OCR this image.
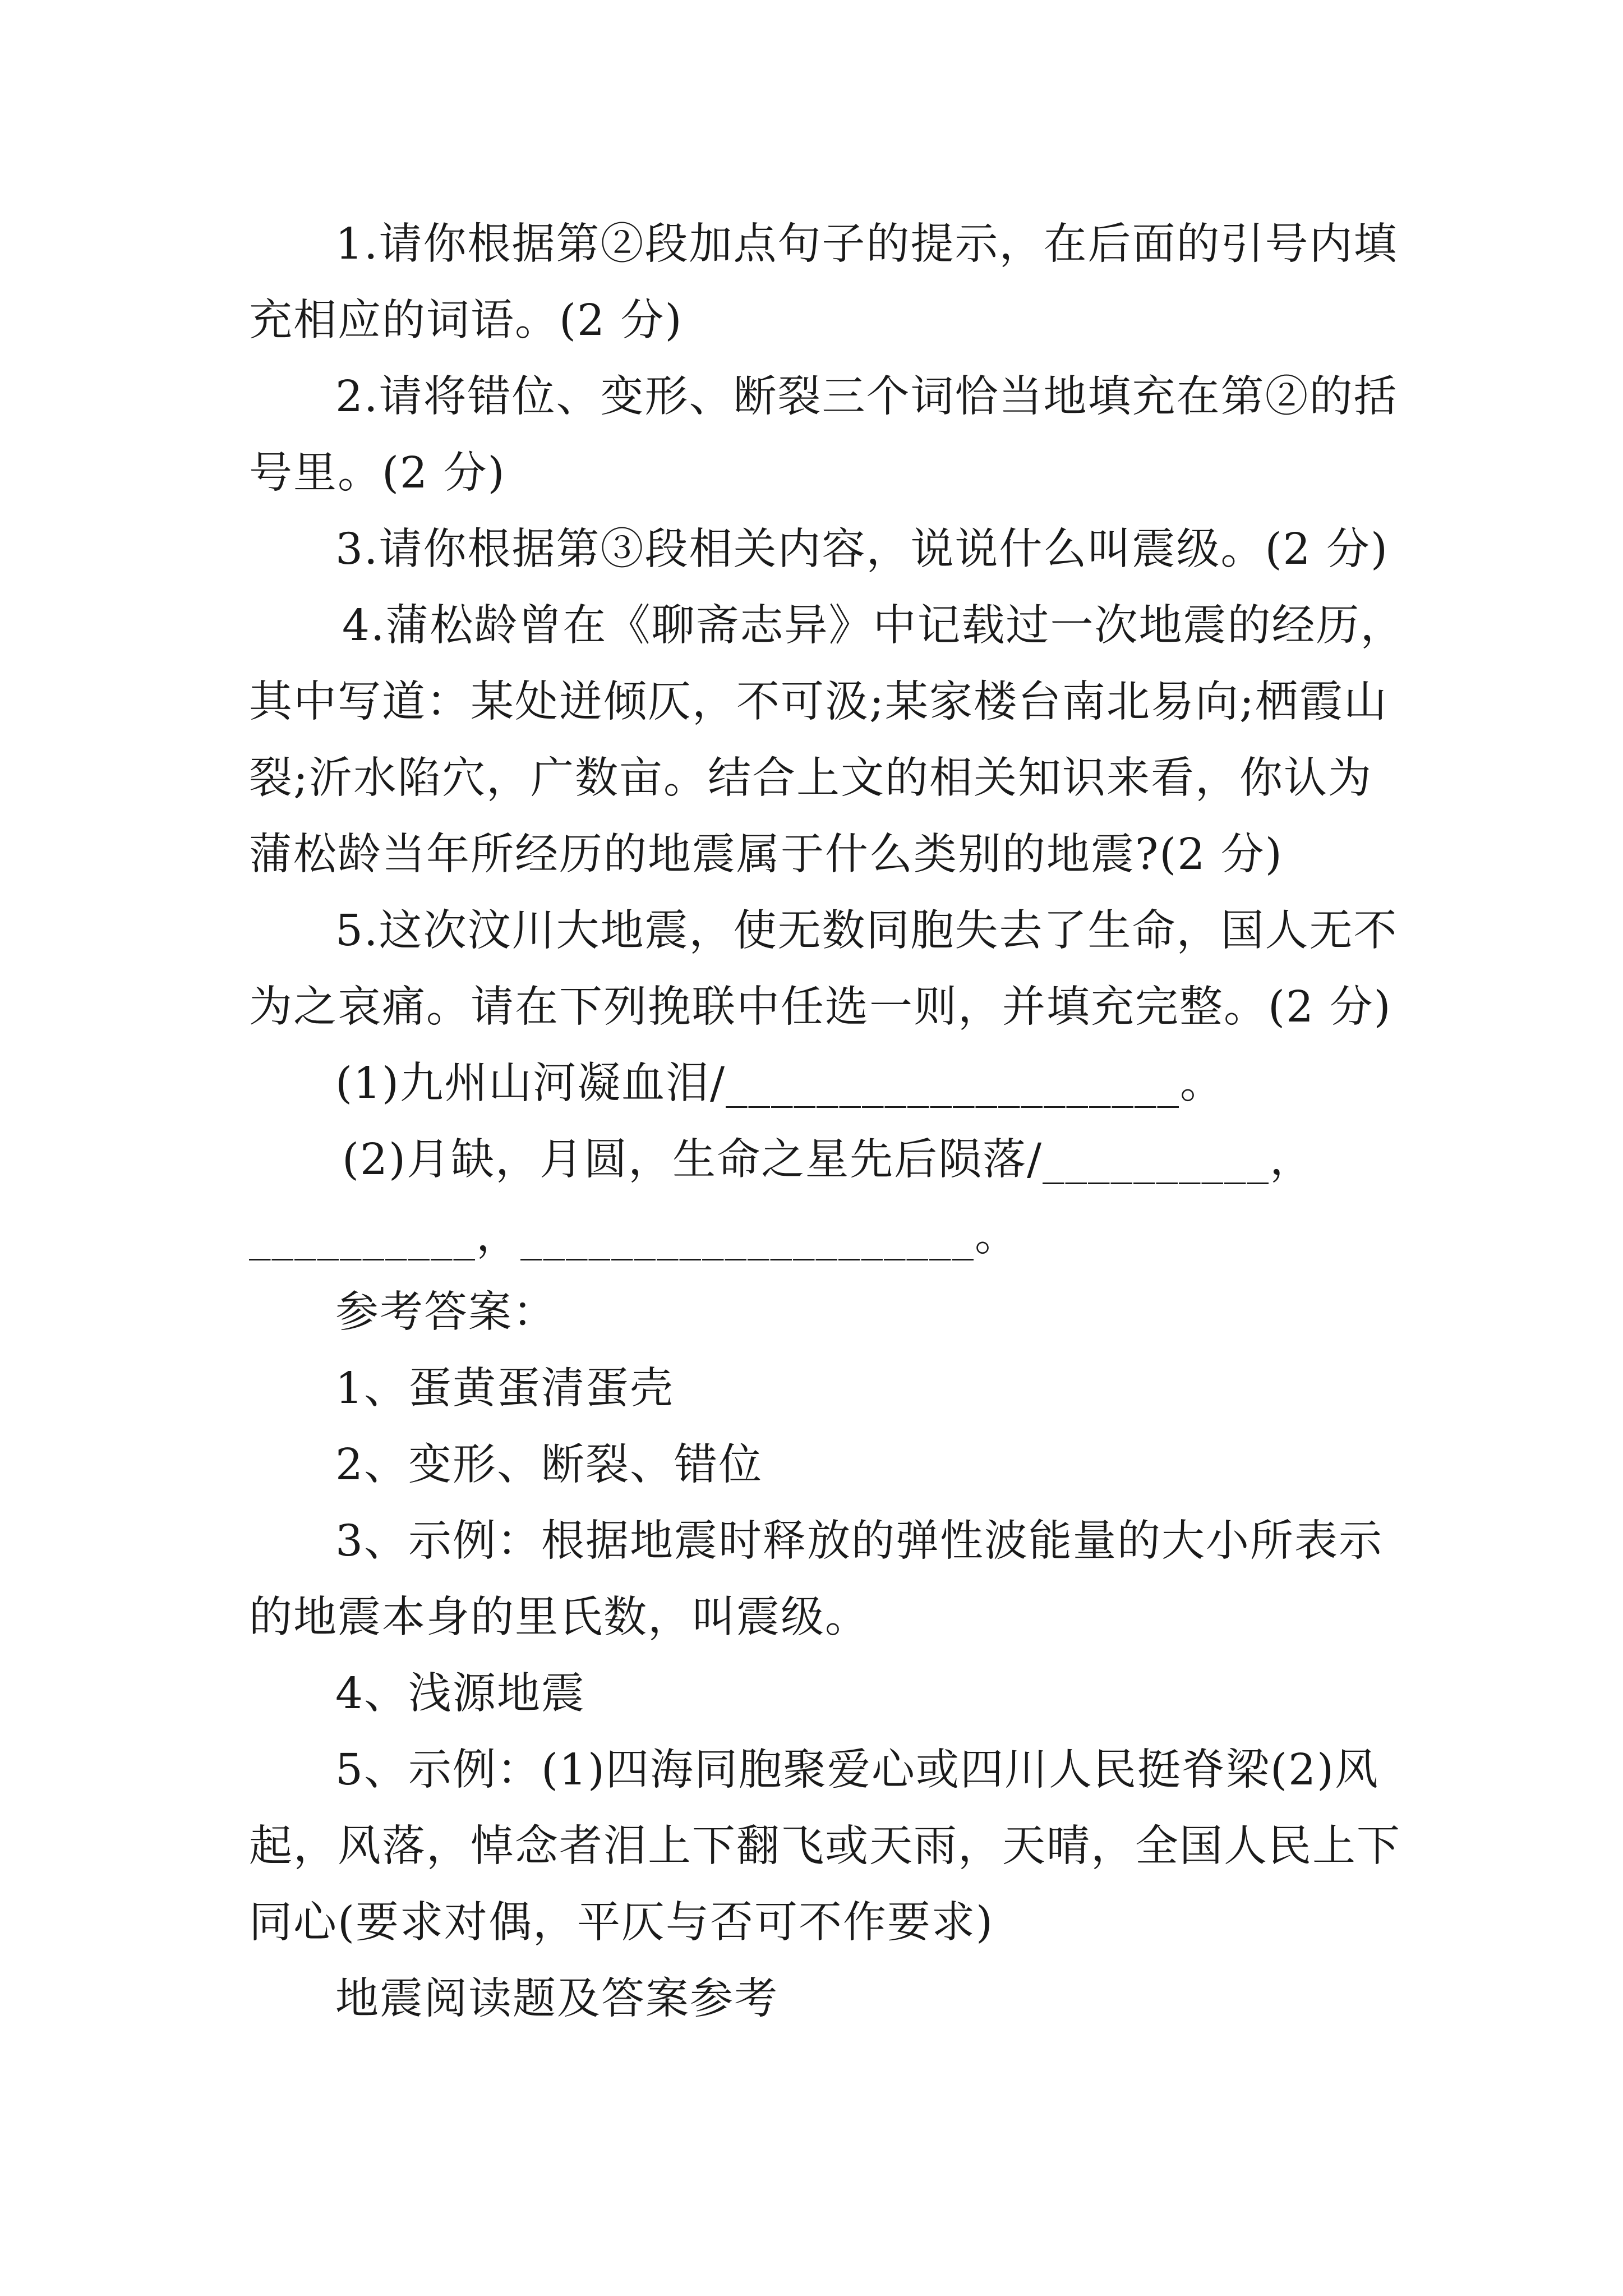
1.请你根据第②段加点句子的提示，在后面的引号内填
充相应的词语。(2 分)

2.请将错位、变形、断裂三个词恰当地填充在第②的括
号里。(2 分)

3.请你根据第③段相关内容，说说什么叫震级。(2 分)

4.蒲松龄曾在《聊斋志异》中记载过一次地震的经历，
其中写道：某处迸倾仄，不可汲;某家楼台南北易向;栖霞山
裂;沂水陷穴，广数亩。结合上文的相关知识来看，你认为
蒲松龄当年所经历的地震属于什么类别的地震?(2 分)

5.这次汶川大地震，使无数同胞失去了生命，国人无不
为之哀痛。请在下列挽联中任选一则，并填充完整。(2 分)

(1)九州山河凝血泪/____________________。

(2)月缺，月圆，生命之星先后陨落/__________，
__________，____________________。

参考答案：

1、蛋黄蛋清蛋壳

2、变形、断裂、错位

3、示例：根据地震时释放的弹性波能量的大小所表示
的地震本身的里氏数，叫震级。

4、浅源地震

5、示例：(1)四海同胞聚爱心或四川人民挺脊梁(2)风
起，风落，悼念者泪上下翻飞或天雨，天晴，全国人民上下
同心(要求对偶，平仄与否可不作要求)

地震阅读题及答案参考
